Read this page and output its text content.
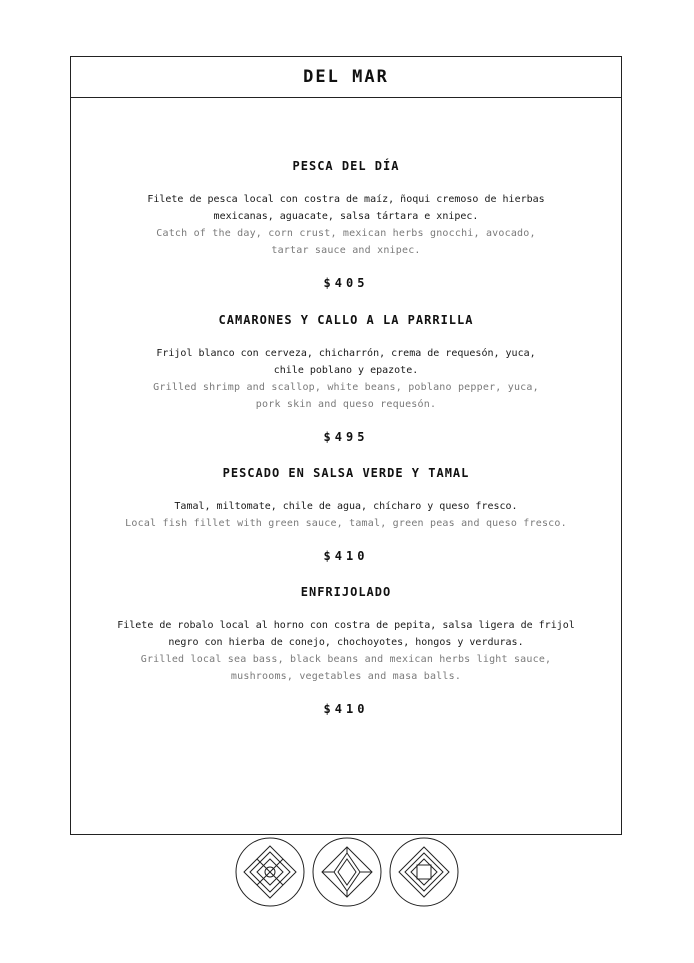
DEL MAR
PESCA DEL DÍA
Filete de pesca local con costra de maíz, ñoqui cremoso de hierbas
mexicanas, aguacate, salsa tártara e xnipec.
Catch of the day, corn crust, mexican herbs gnocchi, avocado,
tartar sauce and xnipec.
$405
CAMARONES Y CALLO A LA PARRILLA
Frijol blanco con cerveza, chicharrón, crema de requesón, yuca,
chile poblano y epazote.
Grilled shrimp and scallop, white beans, poblano pepper, yuca,
pork skin and queso requesón.
$495
PESCADO EN SALSA VERDE Y TAMAL
Tamal, miltomate, chile de agua, chícharo y queso fresco.
Local fish fillet with green sauce, tamal, green peas and queso fresco.
$410
ENFRIJOLADO
Filete de robalo local al horno con costra de pepita, salsa ligera de frijol
negro con hierba de conejo, chochoyotes, hongos y verduras.
Grilled local sea bass, black beans and mexican herbs light sauce,
mushrooms, vegetables and masa balls.
$410
